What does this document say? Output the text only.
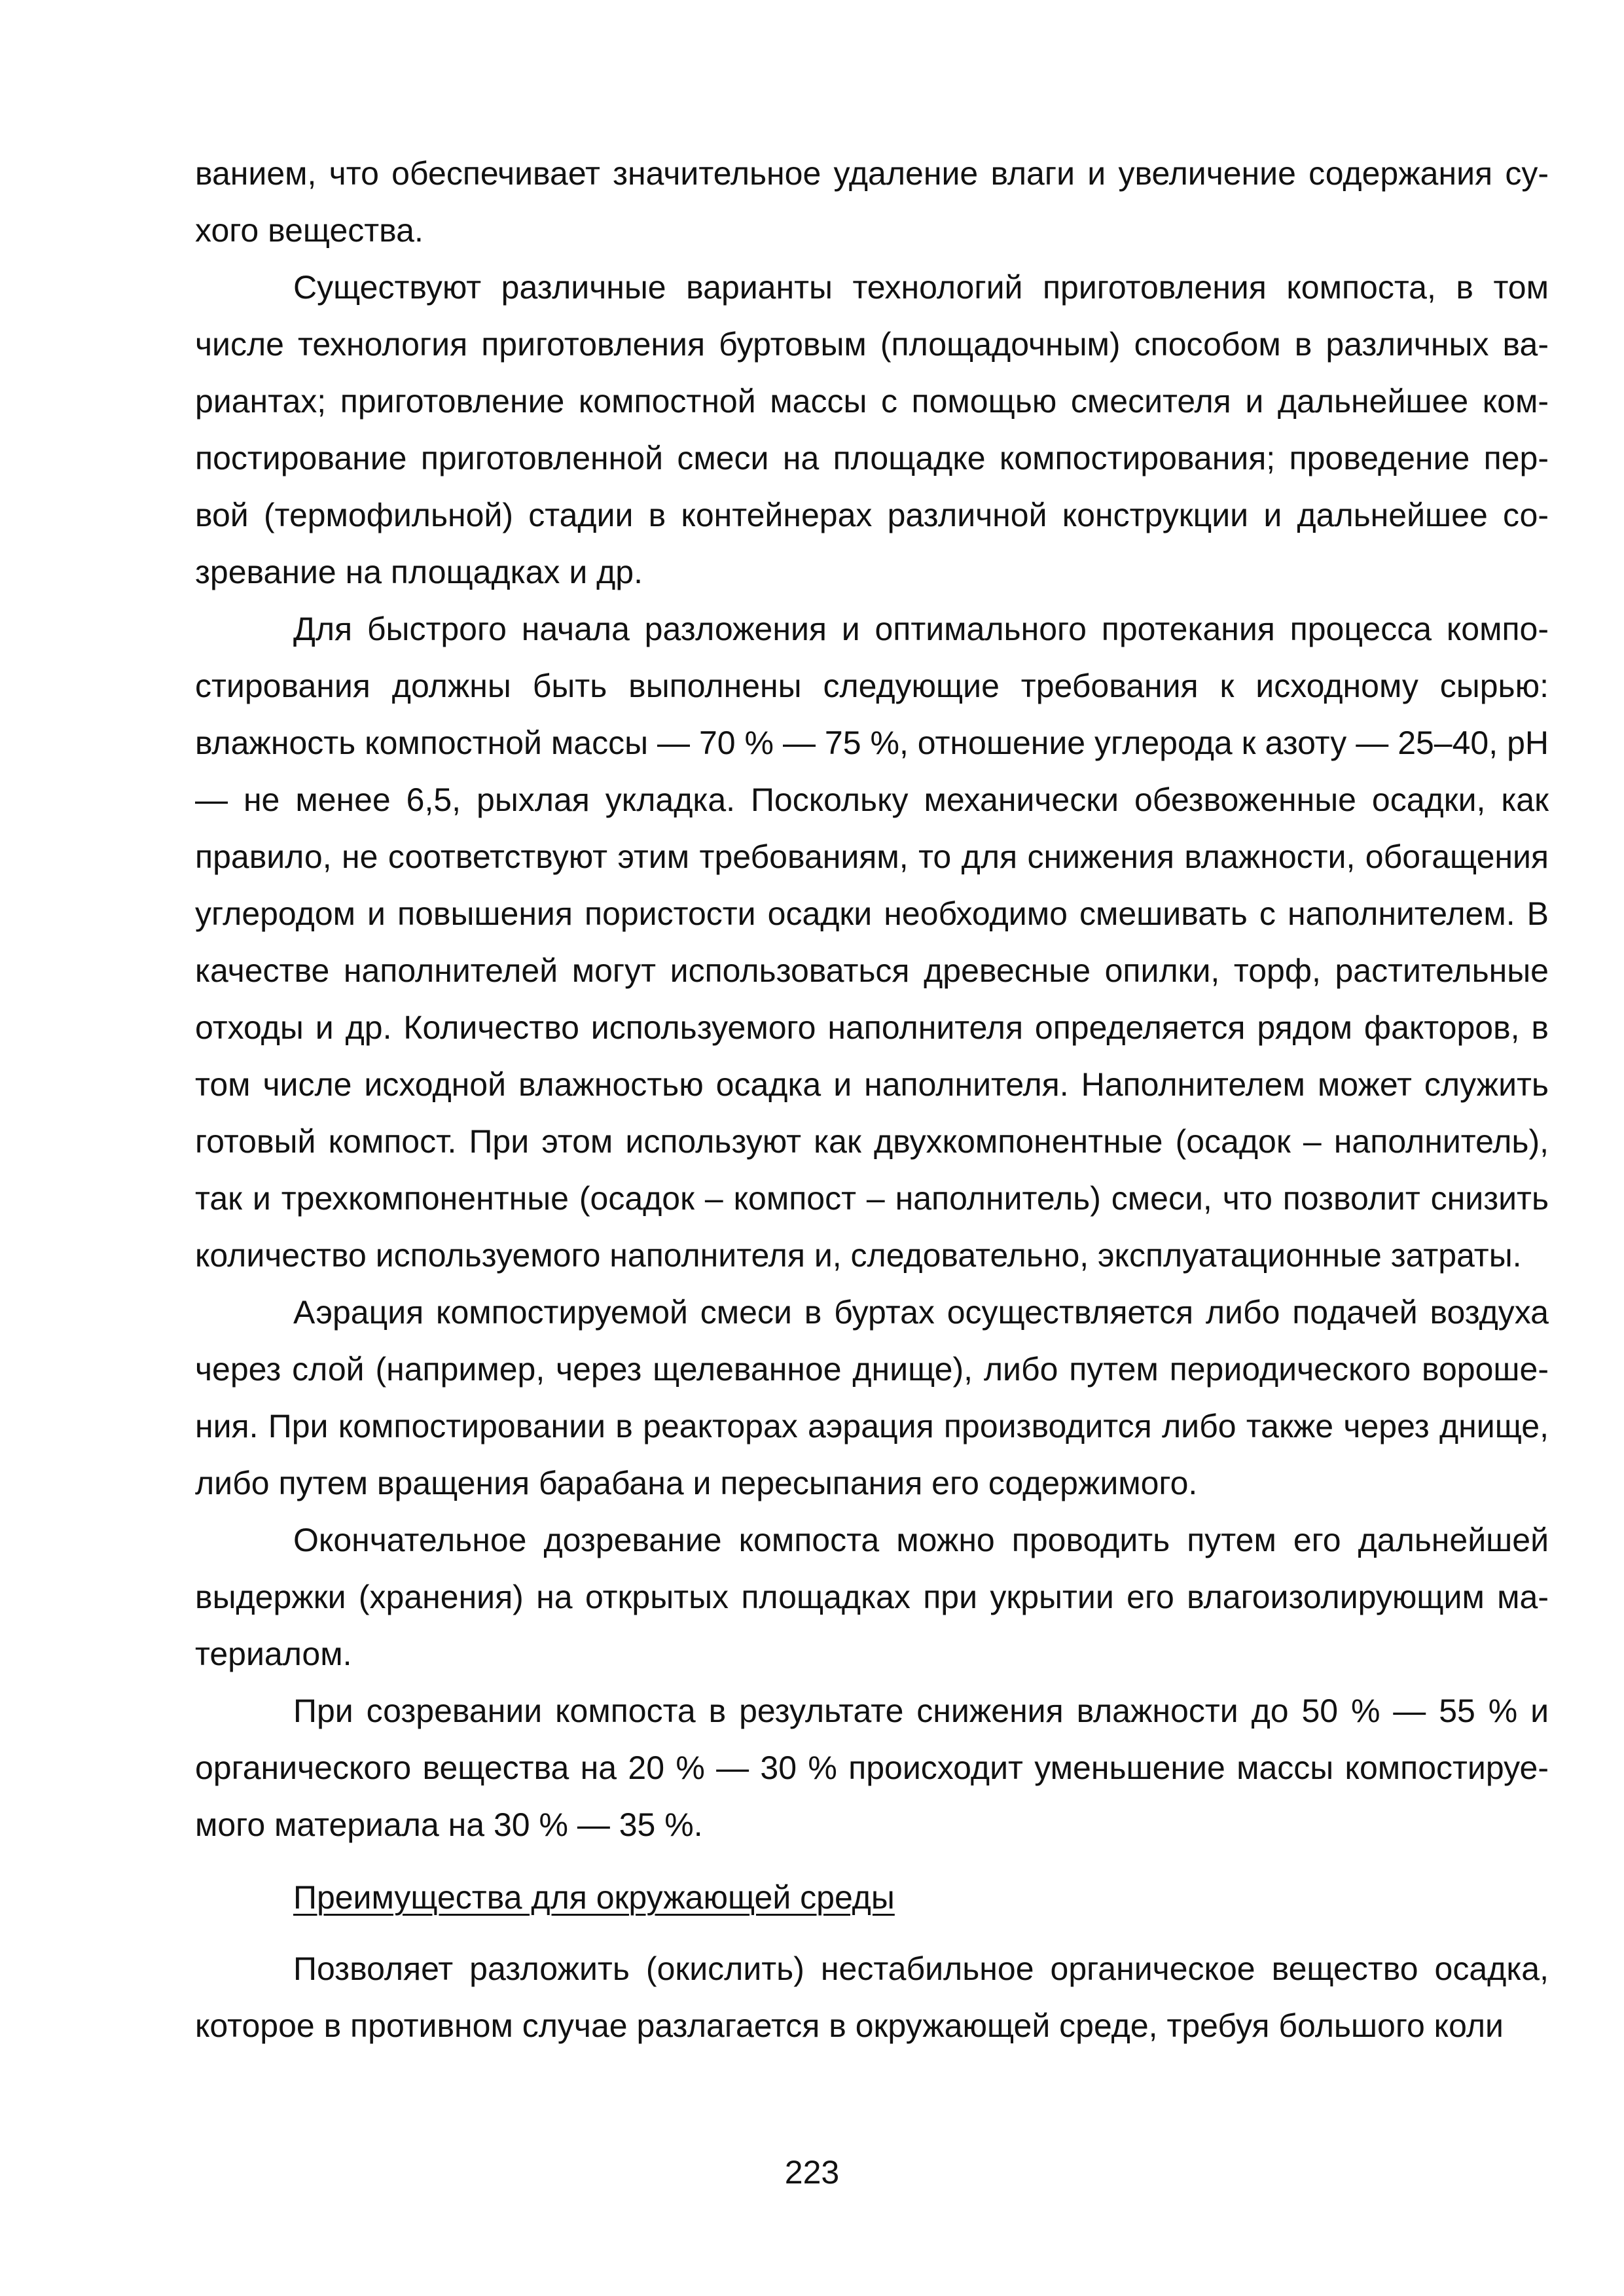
ванием, что обеспечивает значительное удаление влаги и увеличение содержания сухого вещества.

Существуют различные варианты технологий приготовления компоста, в том числе технология приготовления буртовым (площадочным) способом в различных вариантах; приготовление компостной массы с помощью смесителя и дальнейшее компостирование приготовленной смеси на площадке компостирования; проведение первой (термофильной) стадии в контейнерах различной конструкции и дальнейшее созревание на площадках и др.

Для быстрого начала разложения и оптимального протекания процесса компостирования должны быть выполнены следующие требования к исходному сырью: влажность компостной массы — 70 % — 75 %, отношение углерода к азоту — 25–40, pH — не менее 6,5, рыхлая укладка. Поскольку механически обезвоженные осадки, как правило, не соответствуют этим требованиям, то для снижения влажности, обогащения углеродом и повышения пористости осадки необходимо смешивать с наполнителем. В качестве наполнителей могут использоваться древесные опилки, торф, растительные отходы и др. Количество используемого наполнителя определяется рядом факторов, в том числе исходной влажностью осадка и наполнителя. Наполнителем может служить готовый компост. При этом используют как двухкомпонентные (осадок – наполнитель), так и трехкомпонентные (осадок – компост – наполнитель) смеси, что позволит снизить количество используемого наполнителя и, следовательно, эксплуатационные затраты.

Аэрация компостируемой смеси в буртах осуществляется либо подачей воздуха через слой (например, через щелеванное днище), либо путем периодического ворошения. При компостировании в реакторах аэрация производится либо также через днище, либо путем вращения барабана и пересыпания его содержимого.

Окончательное дозревание компоста можно проводить путем его дальнейшей выдержки (хранения) на открытых площадках при укрытии его влагоизолирующим материалом.

При созревании компоста в результате снижения влажности до 50 % — 55 % и органического вещества на 20 % — 30 % происходит уменьшение массы компостируемого материала на 30 % — 35 %.

Преимущества для окружающей среды

Позволяет разложить (окислить) нестабильное органическое вещество осадка, которое в противном случае разлагается в окружающей среде, требуя большого коли

223
